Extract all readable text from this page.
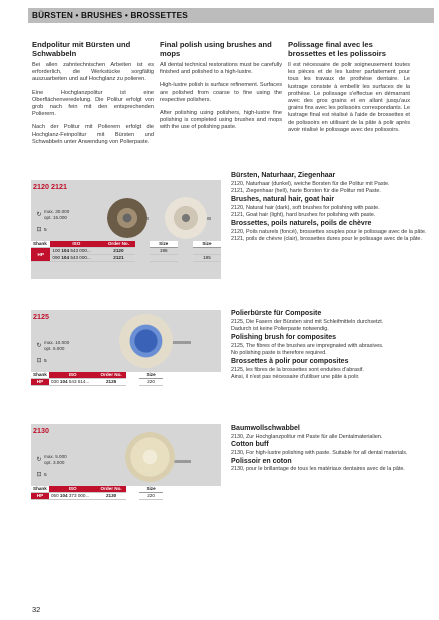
BÜRSTEN • BRUSHES • BROSSETTES
Endpolitur mit Bürsten und Schwabbeln

Bei allen zahntechnischen Arbeiten ist es erforderlich, die Werkstücke sorgfältig auszuarbeiten und auf Hochglanz zu polieren.

Eine Hochglanzpolitur ist eine Oberflächenveredelung. Die Politur erfolgt von grob nach fein mit den entsprechenden Polierern.

Nach der Politur mit Polierern erfolgt die Hochglanz-Feinpolitur mit Bürsten und Schwabbeln unter Anwendung von Polierpaste.

Final polish using brushes and mops

All dental technical restorations must be carefully finished and polished to a high-lustre.

High-lustre polish is surface refinement. Surfaces are polished from coarse to fine using the respective polishers.

After polishing using polishers, high-lustre fine polishing is completed using brushes and mops with the use of polishing paste.

Polissage final avec les brossettes et les polissoirs

Il est nécessaire de polir soigneusement toutes les pièces et de les lustrer parfaitement pour tous les travaux de prothèse dentaire. Le lustrage consiste à embellir les surfaces de la prothèse. Le polissage s'effectue en démarrant avec des gros grains et en allant jusqu'aux grains fins avec les polissoirs correspondants. Le lustrage final est réalisé à l'aide de brossettes et de polissoirs en utilisant de la pâte à polir après avoir réalisé le polissage avec des polissoirs.

2120 2121
↻
max. 30.000
opt. 15.000
⊡ 5
Shank	ISO	Order No.		Size		Size
HP	100 104 543 000...	2120		195		
	090 104 543 000...	2121				195
Bürsten, Naturhaar, Ziegenhaar

2120, Naturhaar (dunkel), weiche Borsten für die Politur mit Paste.

2121, Ziegenhaar (hell), harte Borsten für die Politur mit Paste.

Brushes, natural hair, goat hair

2120, Natural hair (dark), soft brushes for polishing with paste.

2121, Goat hair (light), hard brushes for polishing with paste.

Brossettes, poils naturels, poils de chèvre

2120, Poils naturels (foncé), brossettes souples pour le polissage avec de la pâte.

2121, poils de chèvre (clair), brossettes dures pour le polissage avec de la pâte.

2125
↻
max. 10.000
opt. 6.000
⊡ 5
Shank	ISO	Order No.		Size	
HP	030 104 543 514...	2125		220	
Polierbürste für Composite

2125, Die Fasern der Bürsten sind mit Schleifmitteln durchsetzt.

Dadurch ist keine Polierpaste notwendig.

Polishing brush for composites

2125, The fibres of the brushes are impregnated with abrasives.

No polishing paste is therefore required.

Brossettes à polir pour composites

2125, les fibres de la brossettes sont enduites d'abrasif.

Ainsi, il n'est pas nécessaire d'utiliser une pâte à polir.

2130
↻
max. 5.000
opt. 3.000
⊡ 5
Shank	ISO	Order No.		Size	
HP	050 104 373 000...	2130		220	
Baumwollschwabbel

2130, Zur Hochglanzpolitur mit Paste für alle Dentalmaterialien.

Cotton buff

2130, For high-lustre polishing with paste. Suitable for all dental materials.

Polissoir en coton

2130, pour le brillantage de tous les matériaux dentaires avec de la pâte.

32
